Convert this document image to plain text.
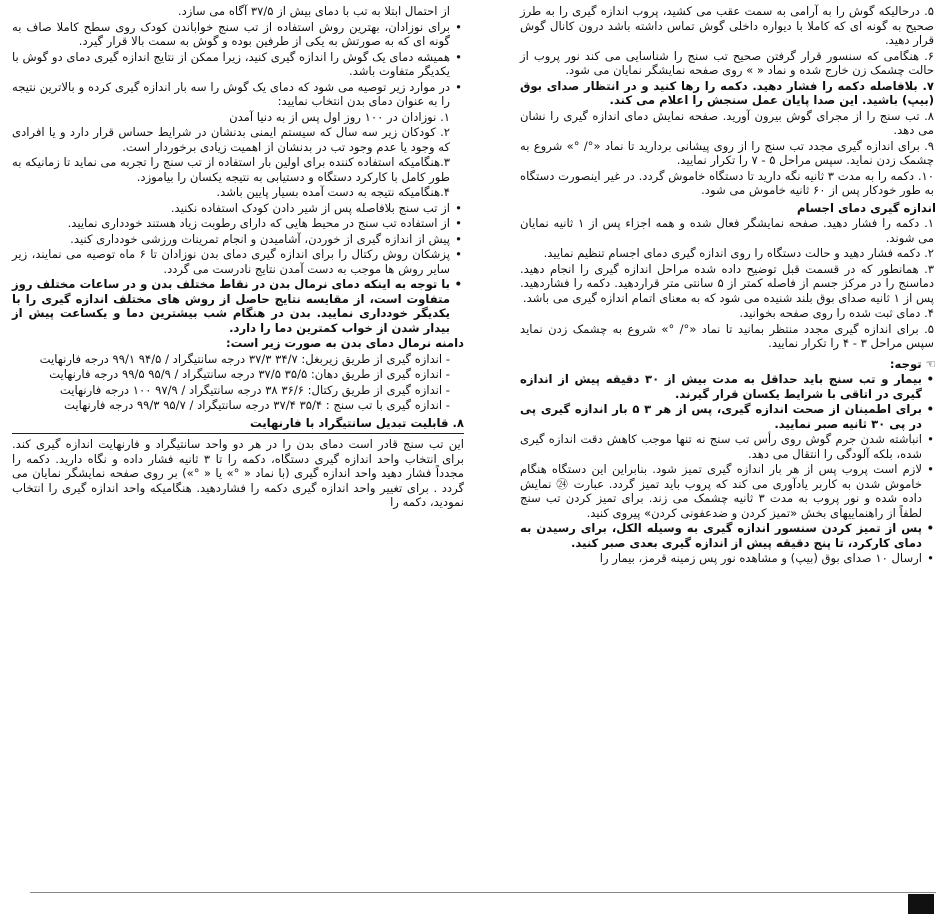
۵. درحالیکه گوش را به آرامی به سمت عقب می کشید، پروب اندازه گیری را به طرز صحیح به گونه ای که کاملا با دیواره داخلی گوش تماس داشته باشد درون کانال گوش قرار دهید.

۶. هنگامی که سنسور قرار گرفتن صحیح تب سنج را شناسایی می کند نور پروب از حالت چشمک زن خارج شده و نماد « » روی صفحه نمایشگر نمایان می شود.

۷. بلافاصله دکمه را فشار دهید. دکمه را رها کنید و در انتظار صدای بوق (بیپ) باشید. این صدا پایان عمل سنجش را اعلام می کند.

۸. تب سنج را از مجرای گوش بیرون آورید. صفحه نمایش دمای اندازه گیری را نشان می دهد.

۹. برای اندازه گیری مجدد تب سنج را از روی پیشانی بردارید تا نماد «°/ °» شروع به چشمک زدن نماید. سپس مراحل ۵ - ۷ را تکرار نمایید.

۱۰. دکمه را به مدت ۳ ثانیه نگه دارید تا دستگاه خاموش گردد. در غیر اینصورت دستگاه به طور خودکار پس از ۶۰ ثانیه خاموش می شود.

اندازه گیری دمای اجسام

۱. دکمه را فشار دهید. صفحه نمایشگر فعال شده و همه اجزاء پس از ۱ ثانیه نمایان می شوند.

۲. دکمه فشار دهید و حالت دستگاه را روی اندازه گیری دمای اجسام تنظیم نمایید.

۳. همانطور که در قسمت قبل توضیح داده شده مراحل اندازه گیری را انجام دهید. دماسنج را در مرکز جسم از فاصله کمتر از ۵ سانتی متر قراردهید. دکمه را فشاردهید. پس از ۱ ثانیه صدای بوق بلند شنیده می شود که به معنای اتمام اندازه گیری می باشد.

۴. دمای ثبت شده را روی صفحه بخوانید.

۵. برای اندازه گیری مجدد منتظر بمانید تا نماد «°/ °» شروع به چشمک زدن نماید سپس مراحل ۳ - ۴ را تکرار نمایید.

☜ توجه:

• بیمار و تب سنج باید حداقل به مدت بیش از ۳۰ دقیقه پیش از اندازه گیری در اتاقی با شرایط یکسان قرار گیرند.

• برای اطمینان از صحت اندازه گیری، پس از هر ۳ ۵ بار اندازه گیری پی در پی ۳۰ ثانیه صبر نمایید.

• انباشته شدن جرم گوش روی رأس تب سنج نه تنها موجب کاهش دقت اندازه گیری شده، بلکه آلودگی را انتقال می دهد.

• لازم است پروب پس از هر بار اندازه گیری تمیز شود. بنابراین این دستگاه هنگام خاموش شدن به کاربر یادآوری می کند که پروب باید تمیز گردد. عبارت ㉔ نمایش داده شده و نور پروب به مدت ۳ ثانیه چشمک می زند. برای تمیز کردن تب سنج لطفاً از راهنماییهای بخش «تمیز کردن و ضدعفونی کردن» پیروی کنید.

• پس از تمیز کردن سنسور اندازه گیری به وسیله الکل، برای رسیدن به دمای کارکرد، تا پنج دقیقه پیش از اندازه گیری بعدی صبر کنید.

• ارسال ۱۰ صدای بوق (بیپ) و مشاهده نور پس زمینه قرمز، بیمار را

از احتمال ابتلا به تب با دمای بیش از ۳۷/۵ آگاه می سازد.

• برای نوزادان، بهترین روش استفاده از تب سنج خواباندن کودک روی سطح کاملا صاف به گونه ای که به صورتش به یکی از طرفین بوده و گوش به سمت بالا قرار گیرد.

• همیشه دمای یک گوش را اندازه گیری کنید، زیرا ممکن از نتایج اندازه گیری دمای دو گوش با یکدیگر متفاوت باشد.

• در موارد زیر توصیه می شود که دمای یک گوش را سه بار اندازه گیری کرده و بالاترین نتیجه را به عنوان دمای بدن انتخاب نمایید:

۱. نوزادان در ۱۰۰ روز اول پس از به دنیا آمدن

۲. کودکان زیر سه سال که سیستم ایمنی بدنشان در شرایط حساس قرار دارد و یا افرادی که وجود یا عدم وجود تب در بدنشان از اهمیت زیادی برخوردار است.

۳.هنگامیکه استفاده کننده برای اولین بار استفاده از تب سنج را تجربه می نماید تا زمانیکه به طور کامل با کارکرد دستگاه و دستیابی به نتیجه یکسان را بیاموزد.

۴.هنگامیکه نتیجه به دست آمده بسیار پایین باشد.

• از تب سنج بلافاصله پس از شیر دادن کودک استفاده نکنید.

• از استفاده تب سنج در محیط هایی که دارای رطوبت زیاد هستند خودداری نمایید.

• پیش از اندازه گیری از خوردن، آشامیدن و انجام تمرینات ورزشی خودداری کنید.

• پزشکان روش رکتال را برای اندازه گیری دمای بدن نوزادان تا ۶ ماه توصیه می نمایند، زیر سایر روش ها موجب به دست آمدن نتایج نادرست می گردد.

• با توجه به اینکه دمای نرمال بدن در نقاط مختلف بدن و در ساعات مختلف روز متفاوت است، از مقایسه نتایج حاصل از روش های مختلف اندازه گیری را با یکدیگر خودداری نمایید. بدن در هنگام شب بیشترین دما و یکساعت پیش از بیدار شدن از خواب کمترین دما را دارد.

دامنه نرمال دمای بدن به صورت زیر است:

- اندازه گیری از طریق زیربغل: ۳۴/۷ ۳۷/۳ درجه سانتیگراد / ۹۴/۵ ۹۹/۱ درجه فارنهایت

- اندازه گیری از طریق دهان: ۳۵/۵ ۳۷/۵ درجه سانتیگراد / ۹۵/۹ ۹۹/۵ درجه فارنهایت

- اندازه گیری از طریق رکتال: ۳۶/۶ ۳۸ درجه سانتیگراد / ۹۷/۹ ۱۰۰ درجه فارنهایت

- اندازه گیری با تب سنج : ۳۵/۴ ۳۷/۴ درجه سانتیگراد / ۹۵/۷ ۹۹/۳ درجه فارنهایت

۸. قابلیت تبدیل سانتیگراد با فارنهایت

این تب سنج قادر است دمای بدن را در هر دو واحد سانتیگراد و فارنهایت اندازه گیری کند. برای انتخاب واحد اندازه گیری دستگاه، دکمه را تا ۳ ثانیه فشار داده و نگاه دارید. دکمه را مجدداً فشار دهید واحد اندازه گیری (با نماد « °» یا « °») بر روی صفحه نمایشگر نمایان می گردد . برای تغییر واحد اندازه گیری دکمه را فشاردهید. هنگامیکه واحد اندازه گیری را انتخاب نمودید، دکمه را
